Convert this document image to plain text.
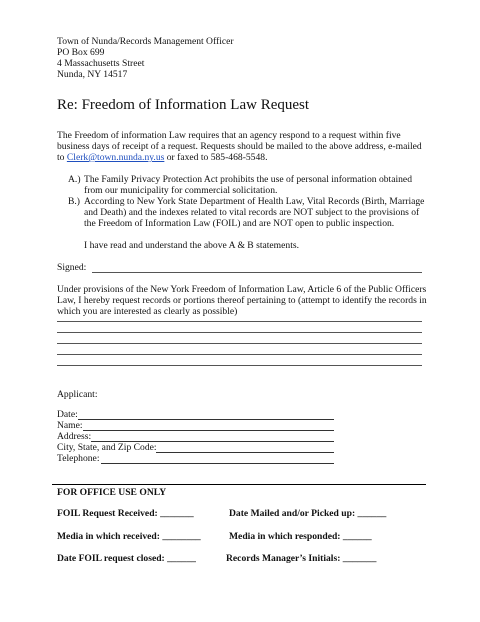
Town of Nunda/Records Management Officer
PO Box 699
4 Massachusetts Street
Nunda, NY 14517
Re: Freedom of Information Law Request
The Freedom of information Law requires that an agency respond to a request within five
business days of receipt of a request. Requests should be mailed to the above address, e-mailed
to Clerk@town.nunda.ny.us or faxed to 585-468-5548.
A.) The Family Privacy Protection Act prohibits the use of personal information obtained
from our municipality for commercial solicitation.
B.) According to New York State Department of Health Law, Vital Records (Birth, Marriage
and Death) and the indexes related to vital records are NOT subject to the provisions of
the Freedom of Information Law (FOIL) and are NOT open to public inspection.
I have read and understand the above A & B statements.
Signed:
Under provisions of the New York Freedom of Information Law, Article 6 of the Public Officers
Law, I hereby request records or portions thereof pertaining to (attempt to identify the records in
which you are interested as clearly as possible)
Applicant:
Date:
Name:
Address:
City, State, and Zip Code:
Telephone:
FOR OFFICE USE ONLY
FOIL Request Received: _______	Date Mailed and/or Picked up: ______
Media in which received: ________	Media in which responded: ______
Date FOIL request closed: ______	Records Manager’s Initials: _______
